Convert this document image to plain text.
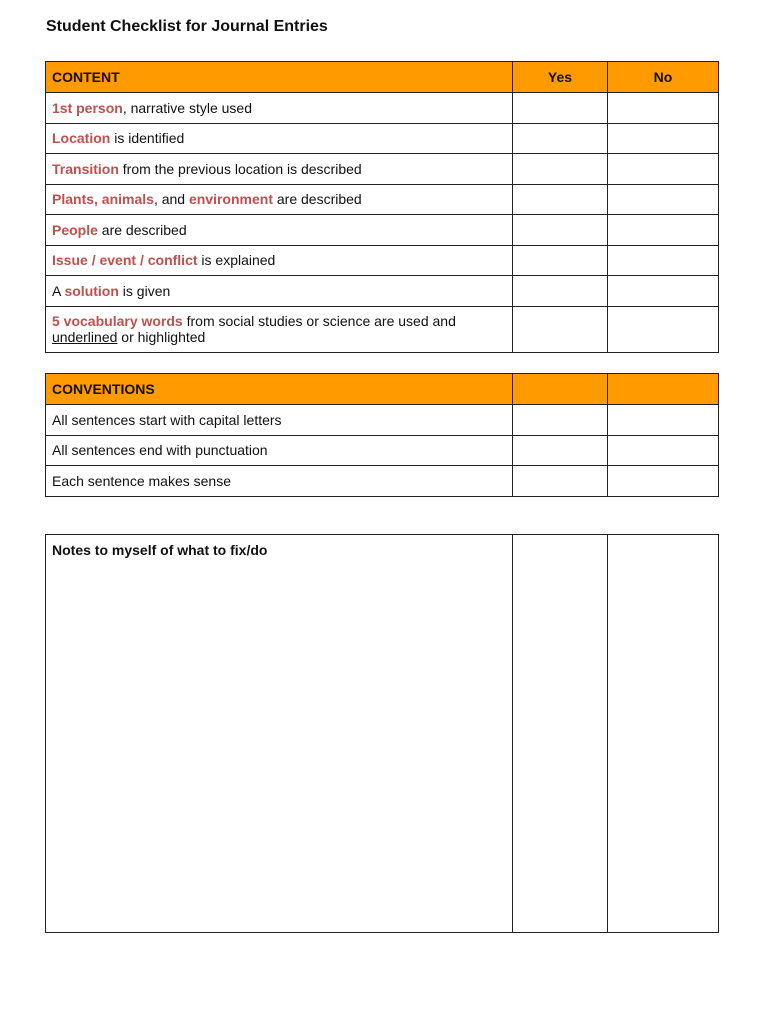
Student Checklist for Journal Entries
CONTENT	Yes	No
1st person, narrative style used		
Location is identified		
Transition from the previous location is described		
Plants, animals, and environment are described		
People are described		
Issue / event / conflict is explained		
A solution is given		
5 vocabulary words from social studies or science are used and
underlined or highlighted		
CONVENTIONS		
All sentences start with capital letters		
All sentences end with punctuation		
Each sentence makes sense		
Notes to myself of what to fix/do		
